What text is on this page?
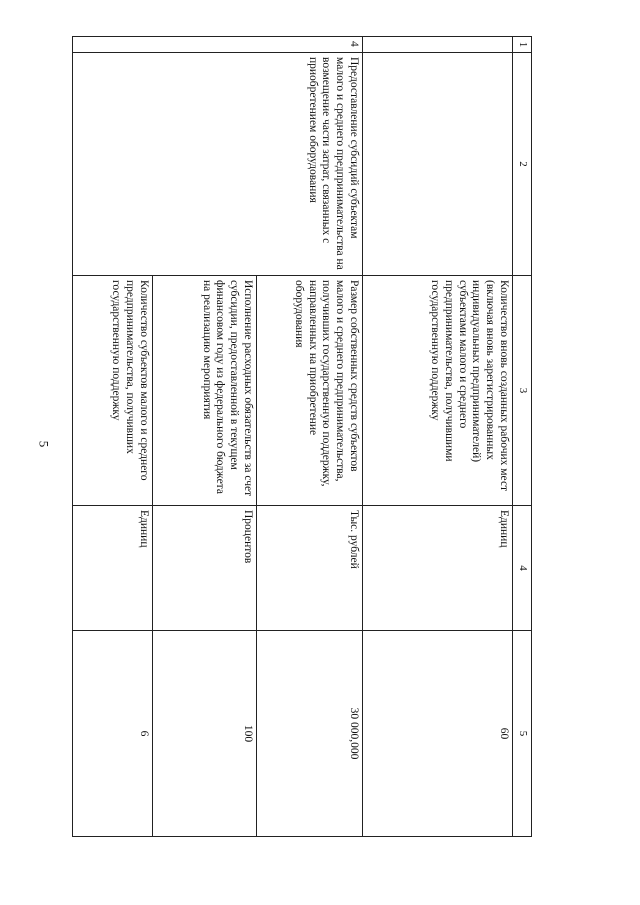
5
1	2	3	4	5
		Количество вновь созданных рабочих мест (включая вновь зарегистрированных индивидуальных предпринимателей) субъектами малого и среднего предпринимательства, получившими государственную поддержку	Единиц	60
4	Предоставление субсидий субъектам малого и среднего предпринимательства на возмещение части затрат, связанных с приобретением оборудования	Размер собственных средств субъектов малого и среднего предпринимательства, получивших государственную поддержку, направленных на приобретение оборудования	Тыс. рублей	30 000,000
		Исполнение расходных обязательств за счет субсидии, предоставленной в текущем финансовом году из федерального бюджета на реализацию мероприятия	Процентов	100
		Количество субъектов малого и среднего предпринимательства, получивших государственную поддержку	Единиц	6
